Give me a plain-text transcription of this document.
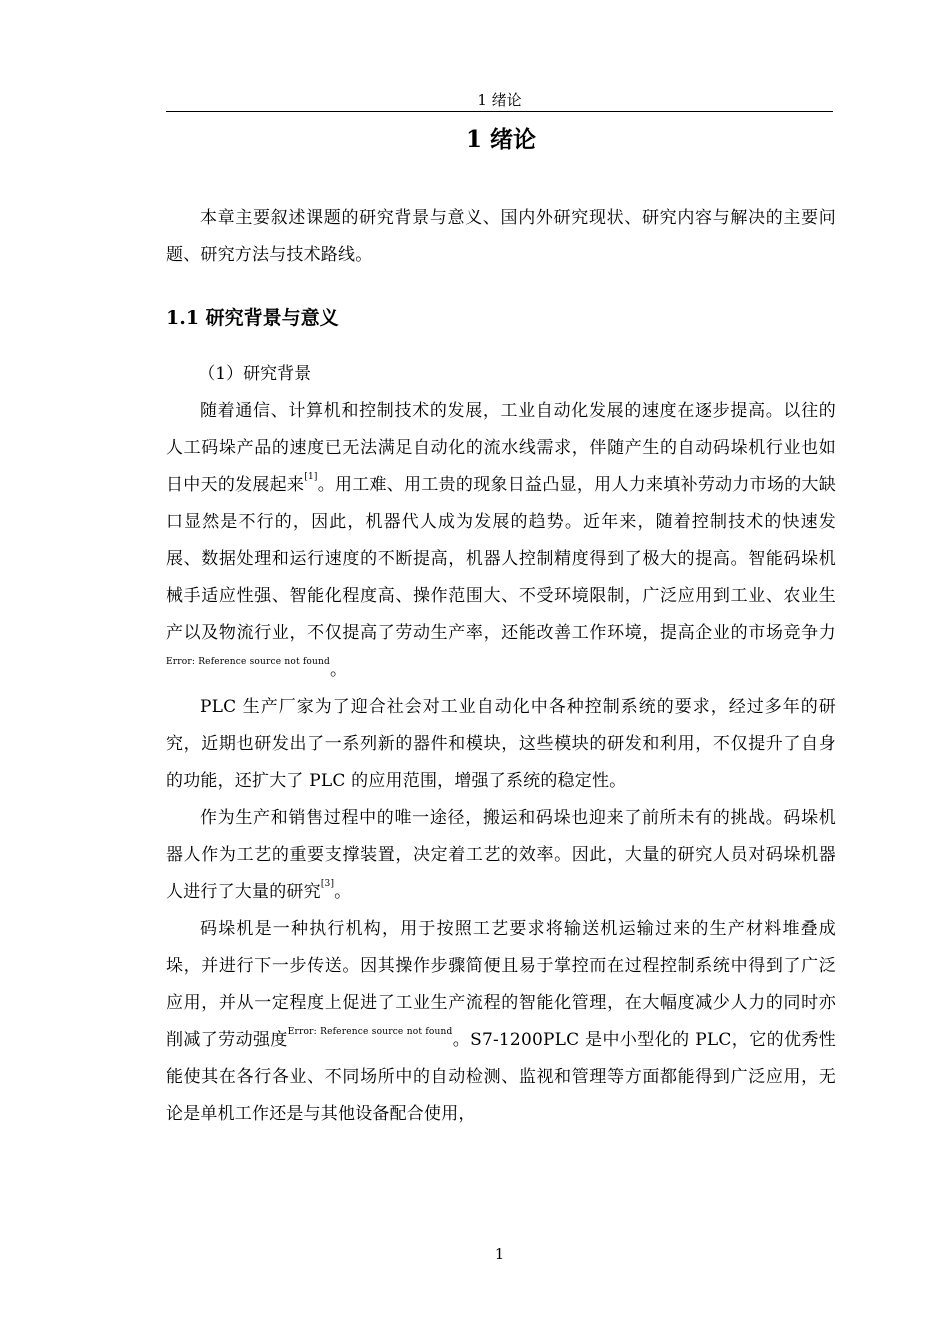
1 绪论
1 绪论

本章主要叙述课题的研究背景与意义、国内外研究现状、研究内容与解决的主要问题、研究方法与技术路线。

1.1 研究背景与意义

（1）研究背景

随着通信、计算机和控制技术的发展，工业自动化发展的速度在逐步提高。以往的人工码垛产品的速度已无法满足自动化的流水线需求，伴随产生的自动码垛机行业也如日中天的发展起来[1]。用工难、用工贵的现象日益凸显，用人力来填补劳动力市场的大缺口显然是不行的，因此，机器代人成为发展的趋势。近年来，随着控制技术的快速发展、数据处理和运行速度的不断提高，机器人控制精度得到了极大的提高。智能码垛机械手适应性强、智能化程度高、操作范围大、不受环境限制，广泛应用到工业、农业生产以及物流行业，不仅提高了劳动生产率，还能改善工作环境，提高企业的市场竞争力$^{Error: Reference source not found}$。

PLC 生产厂家为了迎合社会对工业自动化中各种控制系统的要求，经过多年的研究，近期也研发出了一系列新的器件和模块，这些模块的研发和利用，不仅提升了自身的功能，还扩大了 PLC 的应用范围，增强了系统的稳定性。

作为生产和销售过程中的唯一途径，搬运和码垛也迎来了前所未有的挑战。码垛机器人作为工艺的重要支撑装置，决定着工艺的效率。因此，大量的研究人员对码垛机器人进行了大量的研究[3]。

码垛机是一种执行机构，用于按照工艺要求将输送机运输过来的生产材料堆叠成垛，并进行下一步传送。因其操作步骤简便且易于掌控而在过程控制系统中得到了广泛应用，并从一定程度上促进了工业生产流程的智能化管理，在大幅度减少人力的同时亦削减了劳动强度$^{Error: Reference source not found}$。S7-1200PLC 是中小型化的 PLC，它的优秀性能使其在各行各业、不同场所中的自动检测、监视和管理等方面都能得到广泛应用，无论是单机工作还是与其他设备配合使用，

1
